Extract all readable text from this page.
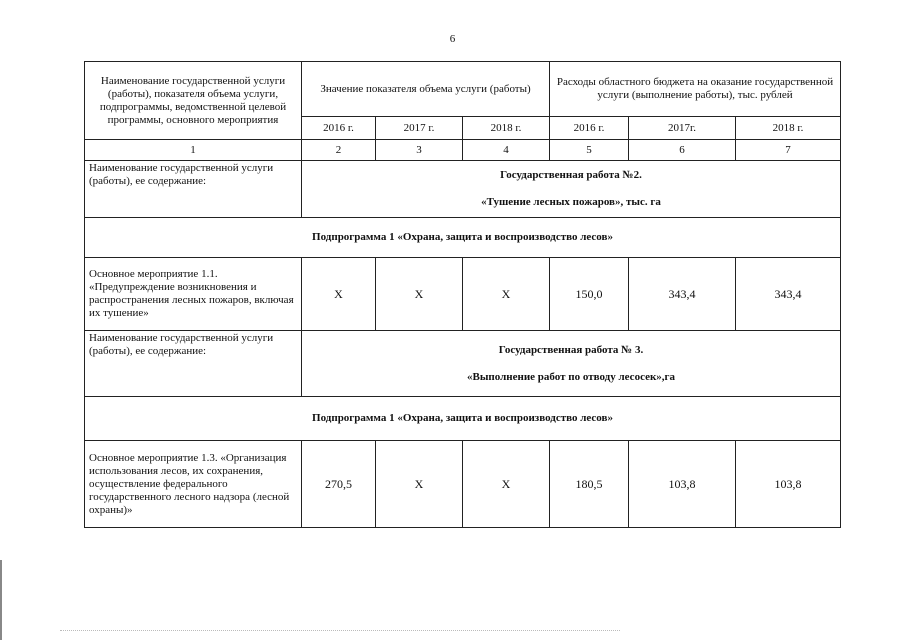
6
Наименование государственной услуги (работы), показателя объема услуги, подпрограммы, ведомственной целевой программы, основного мероприятия	Значение показателя объема услуги (работы)			Расходы областного бюджета на оказание государственной услуги (выполнение работы), тыс. рублей		
	2016 г.	2017 г.	2018 г.	2016 г.	2017г.	2018 г.
1	2	3	4	5	6	7
Наименование государственной услуги (работы), ее содержание:	Государственная работа №2.
«Тушение лесных пожаров», тыс. га					

Подпрограмма 1 «Охрана, защита и воспроизводство лесов»						
Основное мероприятие 1.1. «Предупреждение возникновения и распространения лесных пожаров, включая их тушение»	X	X	X	150,0	343,4	343,4
Наименование государственной услуги (работы), ее содержание:	Государственная работа № 3.
«Выполнение работ по отводу лесосек»,га					

Подпрограмма 1 «Охрана, защита и воспроизводство лесов»						
Основное мероприятие 1.3. «Организация использования лесов, их сохранения, осуществление федерального государственного лесного надзора (лесной охраны)»	270,5	X	X	180,5	103,8	103,8
